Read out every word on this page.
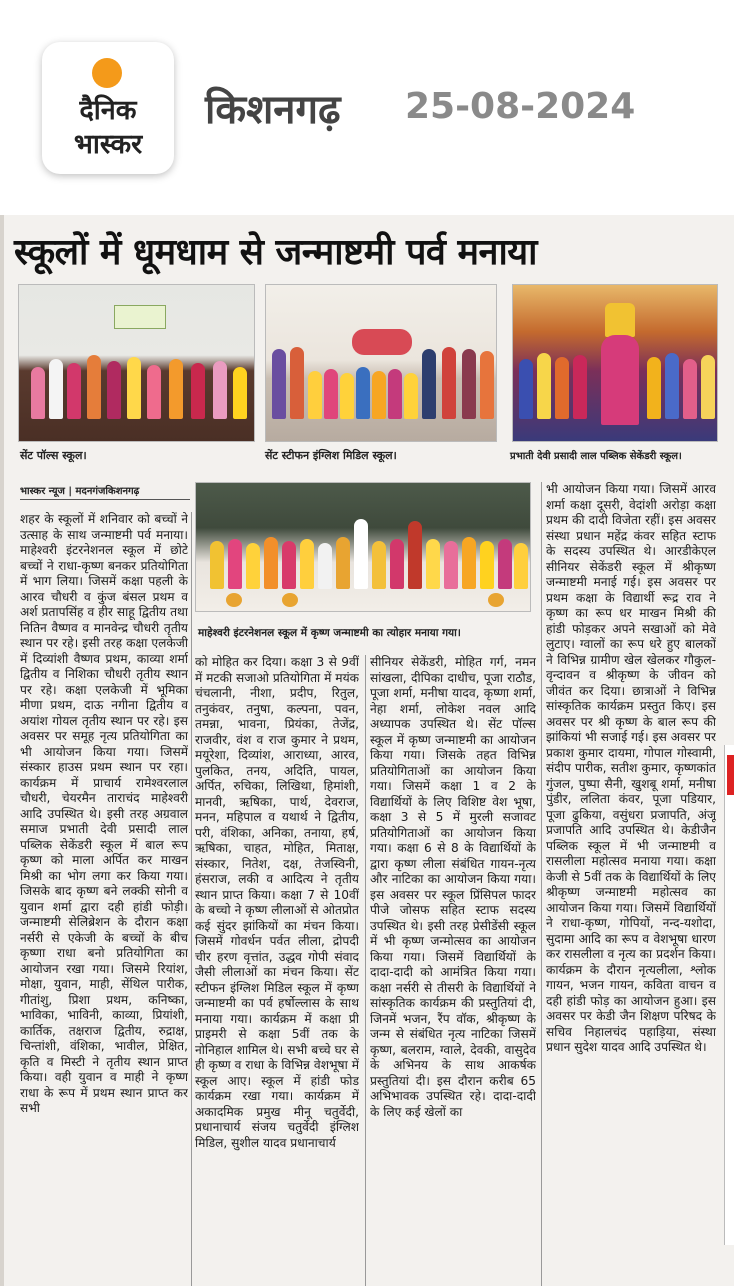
दैनिक
भास्कर
किशनगढ़ 25-08-2024
स्कूलों में धूमधाम से जन्माष्टमी पर्व मनाया
सेंट पॉल्स स्कूल।	सेंट स्टीफन इंग्लिश मिडिल स्कूल।	प्रभाती देवी प्रसादी लाल पब्लिक सेकेंडरी स्कूल।
भास्कर न्यूज | मदनगंजकिशनगढ़
माहेश्वरी इंटरनेशनल स्कूल में कृष्ण जन्माष्टमी का त्योहार मनाया गया।
शहर के स्कूलों में शनिवार को बच्चों ने उत्साह के साथ जन्माष्टमी पर्व मनाया। माहेश्वरी इंटरनेशनल स्कूल में छोटे बच्चों ने राधा-कृष्ण बनकर प्रतियोगिता में भाग लिया। जिसमें कक्षा पहली के आरव चौधरी व कुंज बंसल प्रथम व अर्श प्रतापसिंह व हीर साहू द्वितीय तथा नितिन वैष्णव व मानवेन्द्र चौधरी तृतीय स्थान पर रहे। इसी तरह कक्षा एलकेजी में दिव्यांशी वैष्णव प्रथम, काव्या शर्मा द्वितीय व निशिका चौधरी तृतीय स्थान पर रहे। कक्षा एलकेजी में भूमिका मीणा प्रथम, दाऊ नगीना द्वितीय व अयांश गोयल तृतीय स्थान पर रहे। इस अवसर पर समूह नृत्य प्रतियोगिता का भी आयोजन किया गया। जिसमें संस्कार हाउस प्रथम स्थान पर रहा। कार्यक्रम में प्राचार्य रामेश्वरलाल चौधरी, चेयरमैन ताराचंद माहेश्वरी आदि उपस्थित थे। इसी तरह अग्रवाल समाज प्रभाती देवी प्रसादी लाल पब्लिक सेकेंडरी स्कूल में बाल रूप कृष्ण को माला अर्पित कर माखन मिश्री का भोग लगा कर किया गया। जिसके बाद कृष्ण बने लक्की सोनी व युवान शर्मा द्वारा दही हांडी फोड़ी। जन्माष्टमी सेलिब्रेशन के दौरान कक्षा नर्सरी से एकेजी के बच्चों के बीच कृष्णा राधा बनो प्रतियोगिता का आयोजन रखा गया। जिसमे रियांश, मोक्षा, युवान, माही, सेंथिल पारीक, गीतांशु, प्रिशा प्रथम, कनिष्का, भाविका, भाविनी, काव्या, प्रियांशी, कार्तिक, तक्षराज द्वितीय, रुद्राक्ष, चिन्तांशी, वंशिका, भावील, प्रेक्षित, कृति व मिस्टी ने तृतीय स्थान प्राप्त किया। वही युवान व माही ने कृष्ण राधा के रूप में प्रथम स्थान प्राप्त कर सभी
को मोहित कर दिया। कक्षा 3 से 9वीं में मटकी सजाओ प्रतियोगिता में मयंक चंचलानी, नीशा, प्रदीप, रितुल, तनुकंवर, तनुषा, कल्पना, पवन, तमन्ना, भावना, प्रियंका, तेजेंद्र, राजवीर, वंश व राज कुमार ने प्रथम, मयूरेशा, दिव्यांश, आराध्या, आरव, पुलकित, तनय, अदिति, पायल, अर्पित, रुचिका, लिखिथा, हिमांशी, मानवी, ऋषिका, पार्थ, देवराज, मनन, महिपाल व यथार्थ ने द्वितीय, परी, वंशिका, अनिका, तनाया, हर्ष, ऋषिका, चाहत, मोहित, मिताक्ष, संस्कार, नितेश, दक्ष, तेजस्विनी, हंसराज, लकी व आदित्य ने तृतीय स्थान प्राप्त किया। कक्षा 7 से 10वीं के बच्चो ने कृष्ण लीलाओं से ओतप्रोत कई सुंदर झांकियों का मंचन किया। जिसमें गोवर्धन पर्वत लीला, द्रोपदी चीर हरण वृत्तांत, उद्धव गोपी संवाद जैसी लीलाओं का मंचन किया। सेंट स्टीफन इंग्लिश मिडिल स्कूल में कृष्ण जन्माष्टमी का पर्व हर्षोल्लास के साथ मनाया गया। कार्यक्रम में कक्षा प्री प्राइमरी से कक्षा 5वीं तक के नोनिहाल शामिल थे। सभी बच्चे घर से ही कृष्ण व राधा के विभिन्न वेशभूषा में स्कूल आए। स्कूल में हांडी फोड कार्यक्रम रखा गया। कार्यक्रम में अकादमिक प्रमुख मीनू चतुर्वेदी, प्रधानाचार्य संजय चतुर्वेदी इंग्लिश मिडिल, सुशील यादव प्रधानाचार्य
सीनियर सेकेंडरी, मोहित गर्ग, नमन सांखला, दीपिका दाधीच, पूजा राठौड, पूजा शर्मा, मनीषा यादव, कृष्णा शर्मा, नेहा शर्मा, लोकेश नवल आदि अध्यापक उपस्थित थे। सेंट पॉल्स स्कूल में कृष्ण जन्माष्टमी का आयोजन किया गया। जिसके तहत विभिन्न प्रतियोगिताओं का आयोजन किया गया। जिसमें कक्षा 1 व 2 के विद्यार्थियों के लिए विशिष्ट वेश भूषा, कक्षा 3 से 5 में मुरली सजावट प्रतियोगिताओं का आयोजन किया गया। कक्षा 6 से 8 के विद्यार्थियों के द्वारा कृष्ण लीला संबंधित गायन-नृत्य और नाटिका का आयोजन किया गया। इस अवसर पर स्कूल प्रिंसिपल फादर पीजे जोसफ सहित स्टाफ सदस्य उपस्थित थे। इसी तरह प्रेसीडेंसी स्कूल में भी कृष्ण जन्मोत्सव का आयोजन किया गया। जिसमें विद्यार्थियों के दादा-दादी को आमंत्रित किया गया। कक्षा नर्सरी से तीसरी के विद्यार्थियों ने सांस्कृतिक कार्यक्रम की प्रस्तुतियां दी, जिनमें भजन, रैंप वॉक, श्रीकृष्ण के जन्म से संबंधित नृत्य नाटिका जिसमें कृष्ण, बलराम, ग्वाले, देवकी, वासुदेव के अभिनय के साथ आकर्षक प्रस्तुतियां दी। इस दौरान करीब 65 अभिभावक उपस्थित रहे। दादा-दादी के लिए कई खेलों का
भी आयोजन किया गया। जिसमें आरव शर्मा कक्षा दूसरी, वेदांशी अरोड़ा कक्षा प्रथम की दादी विजेता रहीं। इस अवसर संस्था प्रधान महेंद्र कंवर सहित स्टाफ के सदस्य उपस्थित थे। आरडीकेएल सीनियर सेकेंडरी स्कूल में श्रीकृष्ण जन्माष्टमी मनाई गई। इस अवसर पर प्रथम कक्षा के विद्यार्थी रूद्र राव ने कृष्ण का रूप धर माखन मिश्री की हांडी फोड़कर अपने सखाओं को मेवे लुटाए। ग्वालों का रूप धरे हुए बालकों ने विभिन्न ग्रामीण खेल खेलकर गौकुल-वृन्दावन व श्रीकृष्ण के जीवन को जीवंत कर दिया। छात्राओं ने विभिन्न सांस्कृतिक कार्यक्रम प्रस्तुत किए। इस अवसर पर श्री कृष्ण के बाल रूप की झांकियां भी सजाई गई। इस अवसर पर प्रकाश कुमार दायमा, गोपाल गोस्वामी, संदीप पारीक, सतीश कुमार, कृष्णकांत गुंजल, पुष्पा सैनी, खुशबू शर्मा, मनीषा पुंडीर, ललिता कंवर, पूजा पडियार, पूजा ढुकिया, वसुंधरा प्रजापति, अंजू प्रजापति आदि उपस्थित थे। केडीजैन पब्लिक स्कूल में भी जन्माष्टमी व रासलीला महोत्सव मनाया गया। कक्षा केजी से 5वीं तक के विद्यार्थियों के लिए श्रीकृष्ण जन्माष्टमी महोत्सव का आयोजन किया गया। जिसमें विद्यार्थियों ने राधा-कृष्ण, गोपियों, नन्द-यशोदा, सुदामा आदि का रूप व वेशभूषा धारण कर रासलीला व नृत्य का प्रदर्शन किया। कार्यक्रम के दौरान नृत्यलीला, श्लोक गायन, भजन गायन, कविता वाचन व दही हांडी फोड़ का आयोजन हुआ। इस अवसर पर केडी जैन शिक्षण परिषद के सचिव निहालचंद पहाड़िया, संस्था प्रधान सुदेश यादव आदि उपस्थित थे।
